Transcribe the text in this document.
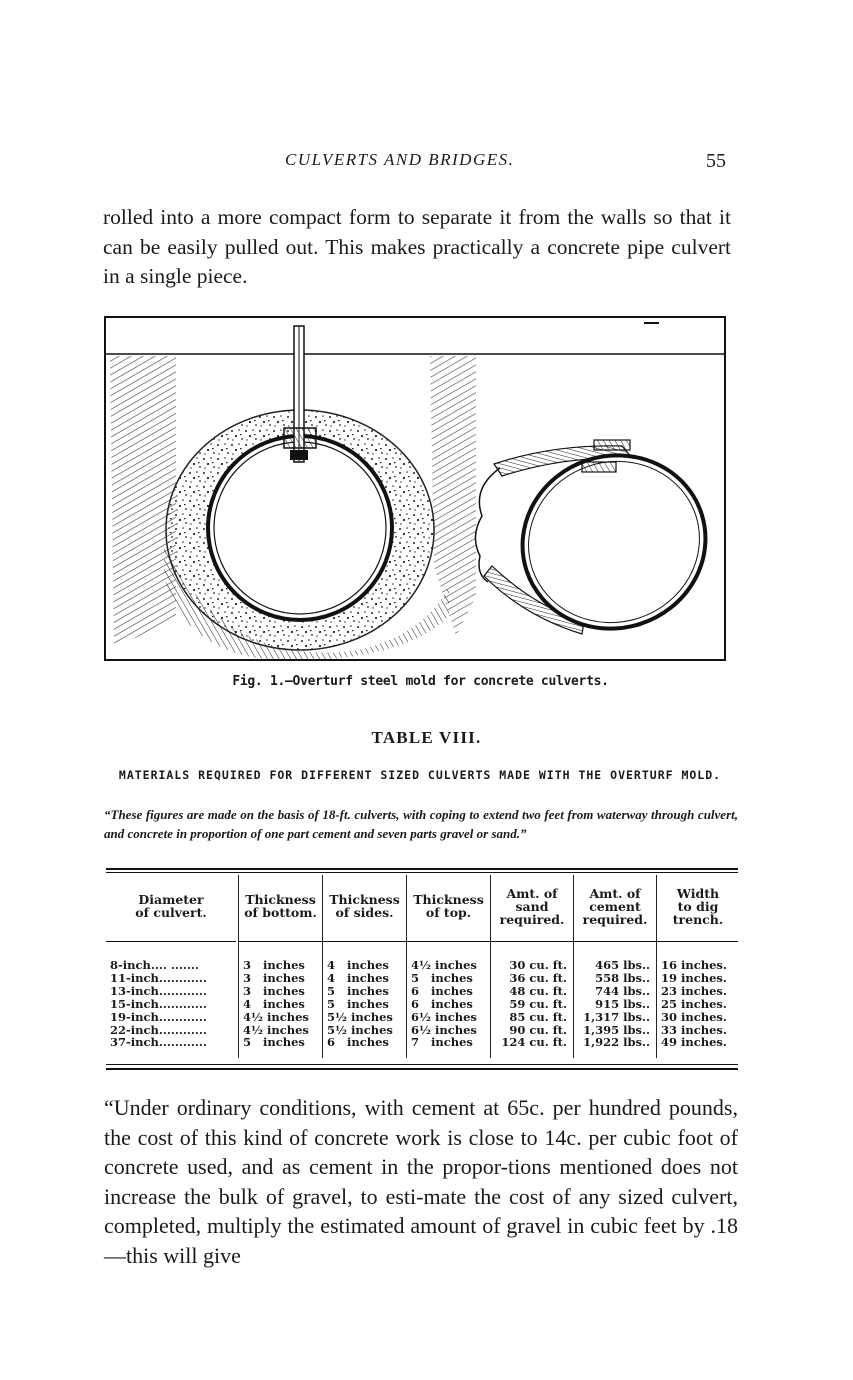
CULVERTS AND BRIDGES.	55

rolled into a more compact form to separate it from the walls so that it can be easily pulled out. This makes practically a concrete pipe culvert in a single piece.

Fig. 1.—Overturf steel mold for concrete culverts.
TABLE VIII.
MATERIALS REQUIRED FOR DIFFERENT SIZED CULVERTS MADE WITH THE OVERTURF MOLD.
“These figures are made on the basis of 18-ft. culverts, with coping to extend two feet from waterway through culvert, and concrete in proportion of one part cement and seven parts gravel or sand.”
Diameter
of culvert.
8-inch.... .......
11-inch............
13-inch............
15-inch............
19-inch............
22-inch............
37-inch............
Thickness
of bottom.
3   inches
3   inches
3   inches
4   inches
4½ inches
4½ inches
5   inches
Thickness
of sides.
4   inches
4   inches
5   inches
5   inches
5½ inches
5½ inches
6   inches
Thickness
of top.
4½ inches
5   inches
6   inches
6   inches
6½ inches
6½ inches
7   inches
Amt. of
sand
required.
30 cu. ft.
36 cu. ft.
48 cu. ft.
59 cu. ft.
85 cu. ft.
90 cu. ft.
124 cu. ft.
Amt. of
cement
required.
465 lbs..
558 lbs..
744 lbs..
915 lbs..
1,317 lbs..
1,395 lbs..
1,922 lbs..
Width
to dig
trench.
16 inches.
19 inches.
23 inches.
25 inches.
30 inches.
33 inches.
49 inches.

“Under ordinary conditions, with cement at 65c. per hundred pounds, the cost of this kind of concrete work is close to 14c. per cubic foot of concrete used, and as cement in the propor-tions mentioned does not increase the bulk of gravel, to esti-mate the cost of any sized culvert, completed, multiply the estimated amount of gravel in cubic feet by .18—this will give
